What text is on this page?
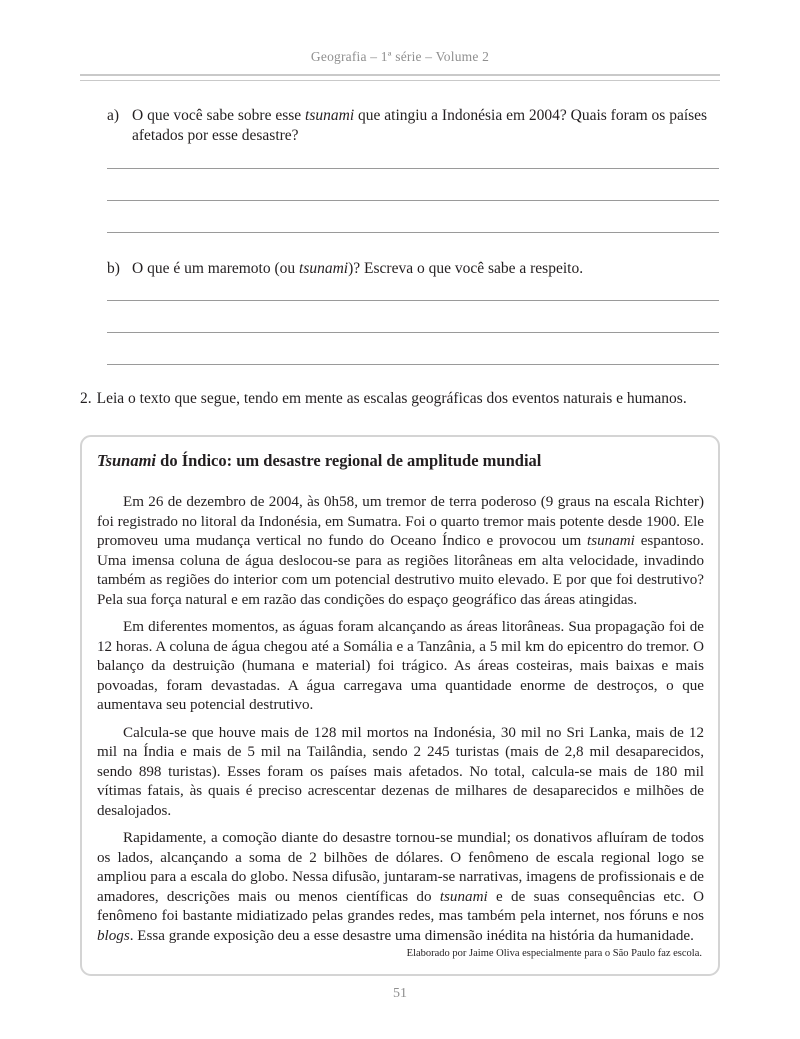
Geografia – 1ª série – Volume 2
a) O que você sabe sobre esse tsunami que atingiu a Indonésia em 2004? Quais foram os países afetados por esse desastre?
b) O que é um maremoto (ou tsunami)? Escreva o que você sabe a respeito.
2. Leia o texto que segue, tendo em mente as escalas geográficas dos eventos naturais e humanos.
Tsunami do Índico: um desastre regional de amplitude mundial

Em 26 de dezembro de 2004, às 0h58, um tremor de terra poderoso (9 graus na escala Richter) foi registrado no litoral da Indonésia, em Sumatra. Foi o quarto tremor mais potente desde 1900. Ele promoveu uma mudança vertical no fundo do Oceano Índico e provocou um tsunami espantoso. Uma imensa coluna de água deslocou-se para as regiões litorâneas em alta velocidade, invadindo também as regiões do interior com um potencial destrutivo muito elevado. E por que foi destrutivo? Pela sua força natural e em razão das condições do espaço geográfico das áreas atingidas.

Em diferentes momentos, as águas foram alcançando as áreas litorâneas. Sua propagação foi de 12 horas. A coluna de água chegou até a Somália e a Tanzânia, a 5 mil km do epicentro do tremor. O balanço da destruição (humana e material) foi trágico. As áreas costeiras, mais baixas e mais povoadas, foram devastadas. A água carregava uma quantidade enorme de destroços, o que aumentava seu potencial destrutivo.

Calcula-se que houve mais de 128 mil mortos na Indonésia, 30 mil no Sri Lanka, mais de 12 mil na Índia e mais de 5 mil na Tailândia, sendo 2 245 turistas (mais de 2,8 mil desaparecidos, sendo 898 turistas). Esses foram os países mais afetados. No total, calcula-se mais de 180 mil vítimas fatais, às quais é preciso acrescentar dezenas de milhares de desaparecidos e milhões de desalojados.

Rapidamente, a comoção diante do desastre tornou-se mundial; os donativos afluíram de todos os lados, alcançando a soma de 2 bilhões de dólares. O fenômeno de escala regional logo se ampliou para a escala do globo. Nessa difusão, juntaram-se narrativas, imagens de profissionais e de amadores, descrições mais ou menos científicas do tsunami e de suas consequências etc. O fenômeno foi bastante midiatizado pelas grandes redes, mas também pela internet, nos fóruns e nos blogs. Essa grande exposição deu a esse desastre uma dimensão inédita na história da humanidade.

Elaborado por Jaime Oliva especialmente para o São Paulo faz escola.
51
